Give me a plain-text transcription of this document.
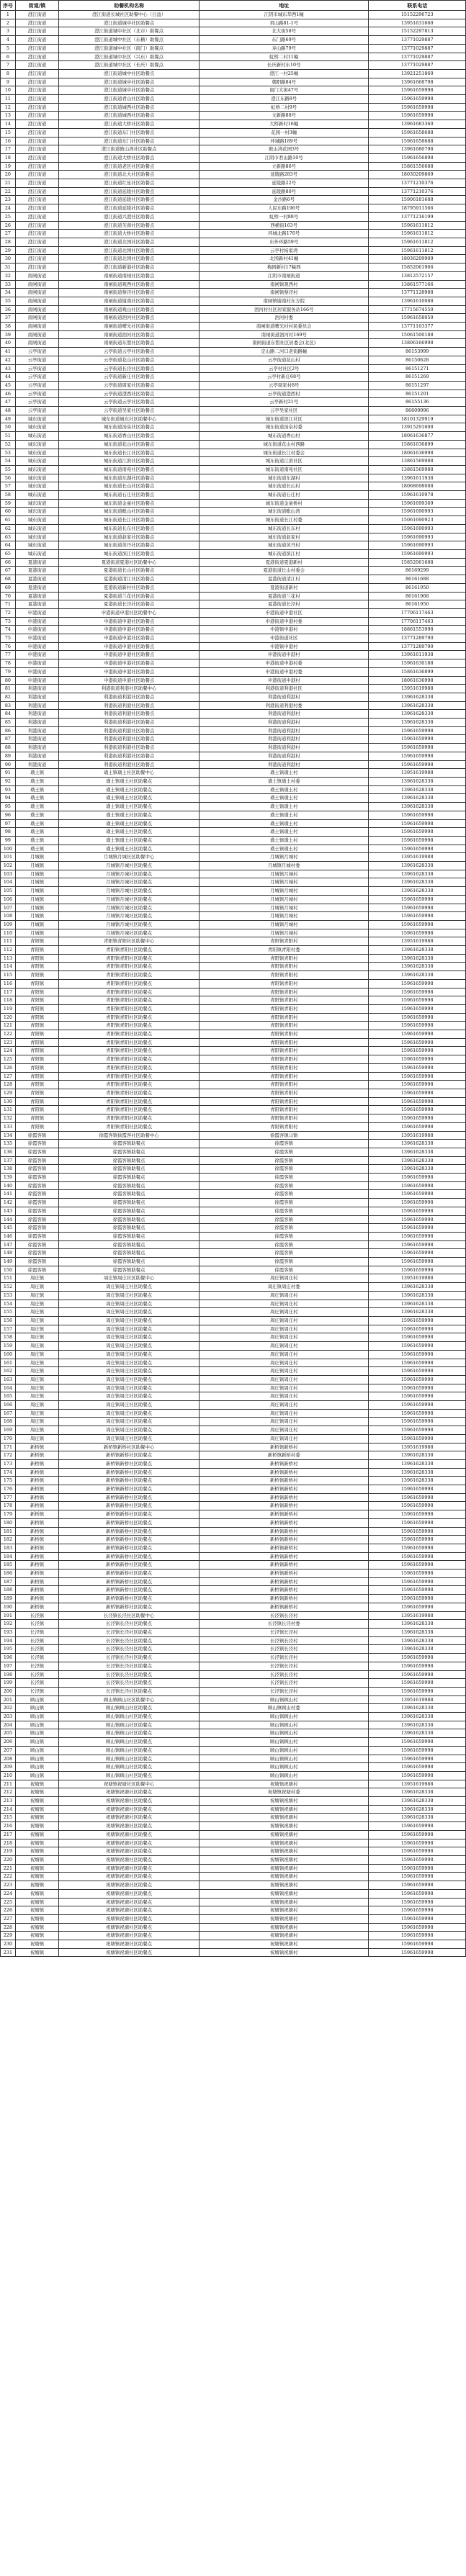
序号	街道/镇	助餐机构名称	地址	联系电话
1	澄江街道	澄江街道长城社区助餐中心（日益）	江阴市城东华西1幢	15152296723
2	澄江街道	澄江街道城中社区助餐点	君山路81-1号	13951631660
3	澄江街道	澄江街道城中社区（北市）助餐点	北大街58号	15152297813
4	澄江街道	澄江街道城中社区（东横）助餐点	东门路69号	13771029887
5	澄江街道	澄江街道城中社区（南门）助餐点	寿山路79号	13771029887
6	澄江街道	澄江街道城中社区（兴东）助餐点	虹桥二村11幢	13771029887
7	澄江街道	澄江街道城中社区（长庆）助餐点	长庆新村东10号	13771029887
8	澄江街道	澄江街道城中社区助餐点	澄江一村25幢	13921251860
9	澄江街道	澄江街道城中社区助餐点	朝阳路84号	13961668798
10	澄江街道	澄江街道城中社区助餐点	南门大街47号	15961659998
11	澄江街道	澄江街道君山社区助餐点	澄江东路8号	15961659998
12	澄江街道	澄江街道城西社区助餐点	虹桥二村9号	15961659998
13	澄江街道	澄江街道城西社区助餐点	文新路88号	15961659998
14	澄江街道	澄江街道大桥社区助餐点	大桥新村16幢	13961683360
15	澄江街道	澄江街道东门社区助餐点	花园一村3幢	15961658688
16	澄江街道	澄江街道东门社区助餐点	环城路189号	15961658688
17	澄江街道	澄江街道敔山湾社区助餐点	敔山湾花园3号	13961680798
18	澄江街道	澄江街道大桥社区助餐点	江阴市君山路10号	15961656898
19	澄江街道	澄江街道老区社区助餐点	立新路86号	15861556688
20	澄江街道	澄江街道北大社区助餐点	延陵路283号	18030209869
21	澄江街道	澄江街道红星社区助餐点	延陵路22号	13771210376
22	澄江街道	澄江街道延陵社区助餐点	延陵路80号	13771210376
23	澄江街道	澄江街道延陵社区助餐点	金沙路6号	15906181688
24	澄江街道	澄江街道延陵社区助餐点	人民东路196号	18795911566
25	澄江街道	澄江街道兴澄社区助餐点	虹桥一村88号	13771216199
26	澄江街道	澄江街道芙蓉社区助餐点	西横街163号	15961611812
27	澄江街道	澄江街道大桥社区助餐点	环城北路176号	15961611812
28	澄江街道	澄江街道北国社区助餐点	东外环路59号	15961611812
29	澄江街道	澄江街道北国社区助餐点	云亭村杨家湾	15961611812
30	澄江街道	澄江街道北国社区助餐点	北国新村41幢	18036209909
31	澄江街道	澄江街道新港社区助餐点	梅园新村17幢西	15852061966
32	南闸街道	南闸街道南闸社区助餐点	江阴市南闸街道	13812572157
33	南闸街道	南闸街道观西社区助餐点	南闸镇观西村	13861577166
34	南闸街道	南闸街道蔡泾社区助餐点	南闸镇蔡泾村	13771128988
35	南闸街道	南闸街道谢南社区助餐点	南闸镇谢南村东方院	13961610088
36	南闸街道	南闸街道观山社区助餐点	泗河村社区居家服务站166号	17715674550
37	南闸街道	南闸街道泗河社区助餐点	泗河村委	15961658050
38	南闸街道	南闸街道曙光社区助餐点	南闸街道曙光村村民委员会	13771103377
39	南闸街道	南闸街道泗河社区助餐点	南闸街道泗河村169号	15061500188
40	南闸街道	南闸街道东盟社区助餐点	南闸街道东盟社区居委会(北区)	13806166998
41	云亭街道	云亭街道云亭社区助餐点	定山路二河口老街路幢	86153999
42	云亭街道	云亭街道花山社区助餐点	云亭街道花山村	86150628
43	云亭街道	云亭街道长泾社区助餐点	云亭村社区2号	86151271
44	云亭街道	云亭街道新庄社区助餐点	云亭村新庄68号	86151269
45	云亭街道	云亭街道周家社区助餐点	云亭周家村8号	86151297
46	云亭街道	云亭街道澄西社区助餐点	云亭街道澄西村	86151201
47	云亭街道	云亭街道云亭社区助餐点	云亭新村21号	86155136
48	云亭街道	云亭街道吴家社区助餐点	云亭吴家社区	86609996
49	城东街道	城东街道城东社区助餐中心	城东街道滨江社区	18101329919
50	城东街道	城东街道汤泉社区助餐点	城东街道汤泉村委	13915291608
51	城东街道	城东街道香山社区助餐点	城东街道香山村	18061636877
52	城东街道	城东街道花山社区助餐点	城东街道花山村西路	15861636899
53	城东街道	城东街道长江社区助餐点	城东街道长江村委会	18061636998
54	城东街道	城东街道江滨社区助餐点	城东街道江滨社区	13861569988
55	城东街道	城东街道南苑社区助餐点	城东街道南苑社区	13861569988
56	城东街道	城东街道东湖社区助餐点	城东街道东湖村	13961611938
57	城东街道	城东街道长山社区助餐点	城东街道长山村	18068698088
58	城东街道	城东街道石庄社区助餐点	城东街道石庄村	15961610978
59	城东街道	城东街道金童社区助餐点	城东街道金童桥村	15961699369
60	城东街道	城东街道毗山社区助餐点	城东街道毗山湾	15961690993
61	城东街道	城东街道长江社区助餐点	城东街道长江村委	15061690923
62	城东街道	城东街道长东社区助餐点	城东街道长东村	15961690993
63	城东街道	城东街道赵家社区助餐点	城东街道赵家村	15961690993
64	城东街道	城东街道黄丹社区助餐点	城东街道黄丹村	15961690993
65	城东街道	城东街道滨江社区助餐点	城东街道滨江村	15961690993
66	夏港街道	夏港街道夏港社区助餐中心	夏港街道夏港新村	15852061688
67	夏港街道	夏港街道长山社区助餐点	夏港街道长山村委会	86169299
68	夏港街道	夏港街道清江社区助餐点	夏港街道清江村	86161688
69	夏港街道	夏港街道新村社区助餐点	夏港街道新村	86161950
70	夏港街道	夏港街道兰花社区助餐点	夏港街道兰花村	86161968
71	夏港街道	夏港街道长泾社区助餐点	夏港街道长泾村	86161950
72	申港街道	申港街道申港社区助餐中心	申港街道申港社区	17706117463
73	申港街道	申港街道申港社区助餐点	申港街道申港村委	17706117463
74	申港街道	申港街道申港社区助餐点	申港镇申港村	18861553998
75	申港街道	申港街道申港社区助餐点	申港街道社区	13771289790
76	申港街道	申港街道申港社区助餐点	申港镇申港村	13771289790
77	申港街道	申港街道申港社区助餐点	申港街道申港村	13961611938
78	申港街道	申港街道申港社区助餐点	申港街道申港村委	15961630188
79	申港街道	申港街道申港社区助餐点	申港街道申港村委	15861636899
80	申港街道	申港街道申港社区助餐点	申港街道申港村	18061636998
81	利港街道	利港街道利港社区助餐中心	利港街道利港社区	13951619988
82	利港街道	利港街道利港社区助餐点	利港街道利港村	13961628338
83	利港街道	利港街道利港社区助餐点	利港街道利港村委	13961628338
84	利港街道	利港街道利港社区助餐点	利港街道利港村	13961628338
85	利港街道	利港街道利港社区助餐点	利港街道利港村	13961628338
86	利港街道	利港街道利港社区助餐点	利港街道利港村	15961659998
87	利港街道	利港街道利港社区助餐点	利港街道利港村	15961659998
88	利港街道	利港街道利港社区助餐点	利港街道利港村	15961659998
89	利港街道	利港街道利港社区助餐点	利港街道利港村	15961659998
90	利港街道	利港街道利港社区助餐点	利港街道利港村	15961659998
91	璜土镇	璜土镇璜土社区助餐中心	璜土镇璜土村	13951619988
92	璜土镇	璜土镇璜土社区助餐点	璜土镇璜土村委	13961628338
93	璜土镇	璜土镇璜土社区助餐点	璜土镇璜土村	13961628338
94	璜土镇	璜土镇璜土社区助餐点	璜土镇璜土村	13961628338
95	璜土镇	璜土镇璜土社区助餐点	璜土镇璜土村	13961628338
96	璜土镇	璜土镇璜土社区助餐点	璜土镇璜土村	15961659998
97	璜土镇	璜土镇璜土社区助餐点	璜土镇璜土村	15961659998
98	璜土镇	璜土镇璜土社区助餐点	璜土镇璜土村	15961659998
99	璜土镇	璜土镇璜土社区助餐点	璜土镇璜土村	15961659998
100	璜土镇	璜土镇璜土社区助餐点	璜土镇璜土村	15961659998
101	月城镇	月城镇月城社区助餐中心	月城镇月城村	13951619988
102	月城镇	月城镇月城社区助餐点	月城镇月城村委	13961628338
103	月城镇	月城镇月城社区助餐点	月城镇月城村	13961628338
104	月城镇	月城镇月城社区助餐点	月城镇月城村	13961628338
105	月城镇	月城镇月城社区助餐点	月城镇月城村	13961628338
106	月城镇	月城镇月城社区助餐点	月城镇月城村	15961659998
107	月城镇	月城镇月城社区助餐点	月城镇月城村	15961659998
108	月城镇	月城镇月城社区助餐点	月城镇月城村	15961659998
109	月城镇	月城镇月城社区助餐点	月城镇月城村	15961659998
110	月城镇	月城镇月城社区助餐点	月城镇月城村	15961659998
111	青阳镇	青阳镇青阳社区助餐中心	青阳镇青阳村	13951619988
112	青阳镇	青阳镇青阳社区助餐点	青阳镇青阳村委	13961628338
113	青阳镇	青阳镇青阳社区助餐点	青阳镇青阳村	13961628338
114	青阳镇	青阳镇青阳社区助餐点	青阳镇青阳村	13961628338
115	青阳镇	青阳镇青阳社区助餐点	青阳镇青阳村	13961628338
116	青阳镇	青阳镇青阳社区助餐点	青阳镇青阳村	15961659998
117	青阳镇	青阳镇青阳社区助餐点	青阳镇青阳村	15961659998
118	青阳镇	青阳镇青阳社区助餐点	青阳镇青阳村	15961659998
119	青阳镇	青阳镇青阳社区助餐点	青阳镇青阳村	15961659998
120	青阳镇	青阳镇青阳社区助餐点	青阳镇青阳村	15961659998
121	青阳镇	青阳镇青阳社区助餐点	青阳镇青阳村	15961659998
122	青阳镇	青阳镇青阳社区助餐点	青阳镇青阳村	15961659998
123	青阳镇	青阳镇青阳社区助餐点	青阳镇青阳村	15961659998
124	青阳镇	青阳镇青阳社区助餐点	青阳镇青阳村	15961659998
125	青阳镇	青阳镇青阳社区助餐点	青阳镇青阳村	15961659998
126	青阳镇	青阳镇青阳社区助餐点	青阳镇青阳村	15961659998
127	青阳镇	青阳镇青阳社区助餐点	青阳镇青阳村	15961659998
128	青阳镇	青阳镇青阳社区助餐点	青阳镇青阳村	15961659998
129	青阳镇	青阳镇青阳社区助餐点	青阳镇青阳村	15961659998
130	青阳镇	青阳镇青阳社区助餐点	青阳镇青阳村	15961659998
131	青阳镇	青阳镇青阳社区助餐点	青阳镇青阳村	15961659998
132	青阳镇	青阳镇青阳社区助餐点	青阳镇青阳村	15961659998
133	青阳镇	青阳镇青阳社区助餐点	青阳镇青阳村	15961659998
134	徐霞客镇	徐霞客镇徐霞客社区助餐中心	徐霞客镇马镇	13951619988
135	徐霞客镇	徐霞客镇助餐点	徐霞客镇	13961628338
136	徐霞客镇	徐霞客镇助餐点	徐霞客镇	13961628338
137	徐霞客镇	徐霞客镇助餐点	徐霞客镇	13961628338
138	徐霞客镇	徐霞客镇助餐点	徐霞客镇	13961628338
139	徐霞客镇	徐霞客镇助餐点	徐霞客镇	15961659998
140	徐霞客镇	徐霞客镇助餐点	徐霞客镇	15961659998
141	徐霞客镇	徐霞客镇助餐点	徐霞客镇	15961659998
142	徐霞客镇	徐霞客镇助餐点	徐霞客镇	15961659998
143	徐霞客镇	徐霞客镇助餐点	徐霞客镇	15961659998
144	徐霞客镇	徐霞客镇助餐点	徐霞客镇	15961659998
145	徐霞客镇	徐霞客镇助餐点	徐霞客镇	15961659998
146	徐霞客镇	徐霞客镇助餐点	徐霞客镇	15961659998
147	徐霞客镇	徐霞客镇助餐点	徐霞客镇	15961659998
148	徐霞客镇	徐霞客镇助餐点	徐霞客镇	15961659998
149	徐霞客镇	徐霞客镇助餐点	徐霞客镇	15961659998
150	徐霞客镇	徐霞客镇助餐点	徐霞客镇	15961659998
151	周庄镇	周庄镇周庄社区助餐中心	周庄镇周庄村	13951619988
152	周庄镇	周庄镇周庄社区助餐点	周庄镇周庄村委	13961628338
153	周庄镇	周庄镇周庄社区助餐点	周庄镇周庄村	13961628338
154	周庄镇	周庄镇周庄社区助餐点	周庄镇周庄村	13961628338
155	周庄镇	周庄镇周庄社区助餐点	周庄镇周庄村	13961628338
156	周庄镇	周庄镇周庄社区助餐点	周庄镇周庄村	15961659998
157	周庄镇	周庄镇周庄社区助餐点	周庄镇周庄村	15961659998
158	周庄镇	周庄镇周庄社区助餐点	周庄镇周庄村	15961659998
159	周庄镇	周庄镇周庄社区助餐点	周庄镇周庄村	15961659998
160	周庄镇	周庄镇周庄社区助餐点	周庄镇周庄村	15961659998
161	周庄镇	周庄镇周庄社区助餐点	周庄镇周庄村	15961659998
162	周庄镇	周庄镇周庄社区助餐点	周庄镇周庄村	15961659998
163	周庄镇	周庄镇周庄社区助餐点	周庄镇周庄村	15961659998
164	周庄镇	周庄镇周庄社区助餐点	周庄镇周庄村	15961659998
165	周庄镇	周庄镇周庄社区助餐点	周庄镇周庄村	15961659998
166	周庄镇	周庄镇周庄社区助餐点	周庄镇周庄村	15961659998
167	周庄镇	周庄镇周庄社区助餐点	周庄镇周庄村	15961659998
168	周庄镇	周庄镇周庄社区助餐点	周庄镇周庄村	15961659998
169	周庄镇	周庄镇周庄社区助餐点	周庄镇周庄村	15961659998
170	周庄镇	周庄镇周庄社区助餐点	周庄镇周庄村	15961659998
171	新桥镇	新桥镇新桥社区助餐中心	新桥镇新桥村	13951619988
172	新桥镇	新桥镇新桥社区助餐点	新桥镇新桥村委	13961628338
173	新桥镇	新桥镇新桥社区助餐点	新桥镇新桥村	13961628338
174	新桥镇	新桥镇新桥社区助餐点	新桥镇新桥村	13961628338
175	新桥镇	新桥镇新桥社区助餐点	新桥镇新桥村	13961628338
176	新桥镇	新桥镇新桥社区助餐点	新桥镇新桥村	15961659998
177	新桥镇	新桥镇新桥社区助餐点	新桥镇新桥村	15961659998
178	新桥镇	新桥镇新桥社区助餐点	新桥镇新桥村	15961659998
179	新桥镇	新桥镇新桥社区助餐点	新桥镇新桥村	15961659998
180	新桥镇	新桥镇新桥社区助餐点	新桥镇新桥村	15961659998
181	新桥镇	新桥镇新桥社区助餐点	新桥镇新桥村	15961659998
182	新桥镇	新桥镇新桥社区助餐点	新桥镇新桥村	15961659998
183	新桥镇	新桥镇新桥社区助餐点	新桥镇新桥村	15961659998
184	新桥镇	新桥镇新桥社区助餐点	新桥镇新桥村	15961659998
185	新桥镇	新桥镇新桥社区助餐点	新桥镇新桥村	15961659998
186	新桥镇	新桥镇新桥社区助餐点	新桥镇新桥村	15961659998
187	新桥镇	新桥镇新桥社区助餐点	新桥镇新桥村	15961659998
188	新桥镇	新桥镇新桥社区助餐点	新桥镇新桥村	15961659998
189	新桥镇	新桥镇新桥社区助餐点	新桥镇新桥村	15961659998
190	新桥镇	新桥镇新桥社区助餐点	新桥镇新桥村	15961659998
191	长泾镇	长泾镇长泾社区助餐中心	长泾镇长泾村	13951619988
192	长泾镇	长泾镇长泾社区助餐点	长泾镇长泾村委	13961628338
193	长泾镇	长泾镇长泾社区助餐点	长泾镇长泾村	13961628338
194	长泾镇	长泾镇长泾社区助餐点	长泾镇长泾村	13961628338
195	长泾镇	长泾镇长泾社区助餐点	长泾镇长泾村	13961628338
196	长泾镇	长泾镇长泾社区助餐点	长泾镇长泾村	15961659998
197	长泾镇	长泾镇长泾社区助餐点	长泾镇长泾村	15961659998
198	长泾镇	长泾镇长泾社区助餐点	长泾镇长泾村	15961659998
199	长泾镇	长泾镇长泾社区助餐点	长泾镇长泾村	15961659998
200	长泾镇	长泾镇长泾社区助餐点	长泾镇长泾村	15961659998
201	顾山镇	顾山镇顾山社区助餐中心	顾山镇顾山村	13951619988
202	顾山镇	顾山镇顾山社区助餐点	顾山镇顾山村委	13961628338
203	顾山镇	顾山镇顾山社区助餐点	顾山镇顾山村	13961628338
204	顾山镇	顾山镇顾山社区助餐点	顾山镇顾山村	13961628338
205	顾山镇	顾山镇顾山社区助餐点	顾山镇顾山村	13961628338
206	顾山镇	顾山镇顾山社区助餐点	顾山镇顾山村	15961659998
207	顾山镇	顾山镇顾山社区助餐点	顾山镇顾山村	15961659998
208	顾山镇	顾山镇顾山社区助餐点	顾山镇顾山村	15961659998
209	顾山镇	顾山镇顾山社区助餐点	顾山镇顾山村	15961659998
210	顾山镇	顾山镇顾山社区助餐点	顾山镇顾山村	15961659998
211	祝塘镇	祝塘镇祝塘社区助餐中心	祝塘镇祝塘村	13951619988
212	祝塘镇	祝塘镇祝塘社区助餐点	祝塘镇祝塘村委	13961628338
213	祝塘镇	祝塘镇祝塘社区助餐点	祝塘镇祝塘村	13961628338
214	祝塘镇	祝塘镇祝塘社区助餐点	祝塘镇祝塘村	13961628338
215	祝塘镇	祝塘镇祝塘社区助餐点	祝塘镇祝塘村	13961628338
216	祝塘镇	祝塘镇祝塘社区助餐点	祝塘镇祝塘村	15961659998
217	祝塘镇	祝塘镇祝塘社区助餐点	祝塘镇祝塘村	15961659998
218	祝塘镇	祝塘镇祝塘社区助餐点	祝塘镇祝塘村	15961659998
219	祝塘镇	祝塘镇祝塘社区助餐点	祝塘镇祝塘村	15961659998
220	祝塘镇	祝塘镇祝塘社区助餐点	祝塘镇祝塘村	15961659998
221	祝塘镇	祝塘镇祝塘社区助餐点	祝塘镇祝塘村	15961659998
222	祝塘镇	祝塘镇祝塘社区助餐点	祝塘镇祝塘村	15961659998
223	祝塘镇	祝塘镇祝塘社区助餐点	祝塘镇祝塘村	15961659998
224	祝塘镇	祝塘镇祝塘社区助餐点	祝塘镇祝塘村	15961659998
225	祝塘镇	祝塘镇祝塘社区助餐点	祝塘镇祝塘村	15961659998
226	祝塘镇	祝塘镇祝塘社区助餐点	祝塘镇祝塘村	15961659998
227	祝塘镇	祝塘镇祝塘社区助餐点	祝塘镇祝塘村	15961659998
228	祝塘镇	祝塘镇祝塘社区助餐点	祝塘镇祝塘村	15961659998
229	祝塘镇	祝塘镇祝塘社区助餐点	祝塘镇祝塘村	15961659998
230	祝塘镇	祝塘镇祝塘社区助餐点	祝塘镇祝塘村	15961659998
231	祝塘镇	祝塘镇祝塘社区助餐点	祝塘镇祝塘村	15961659998
